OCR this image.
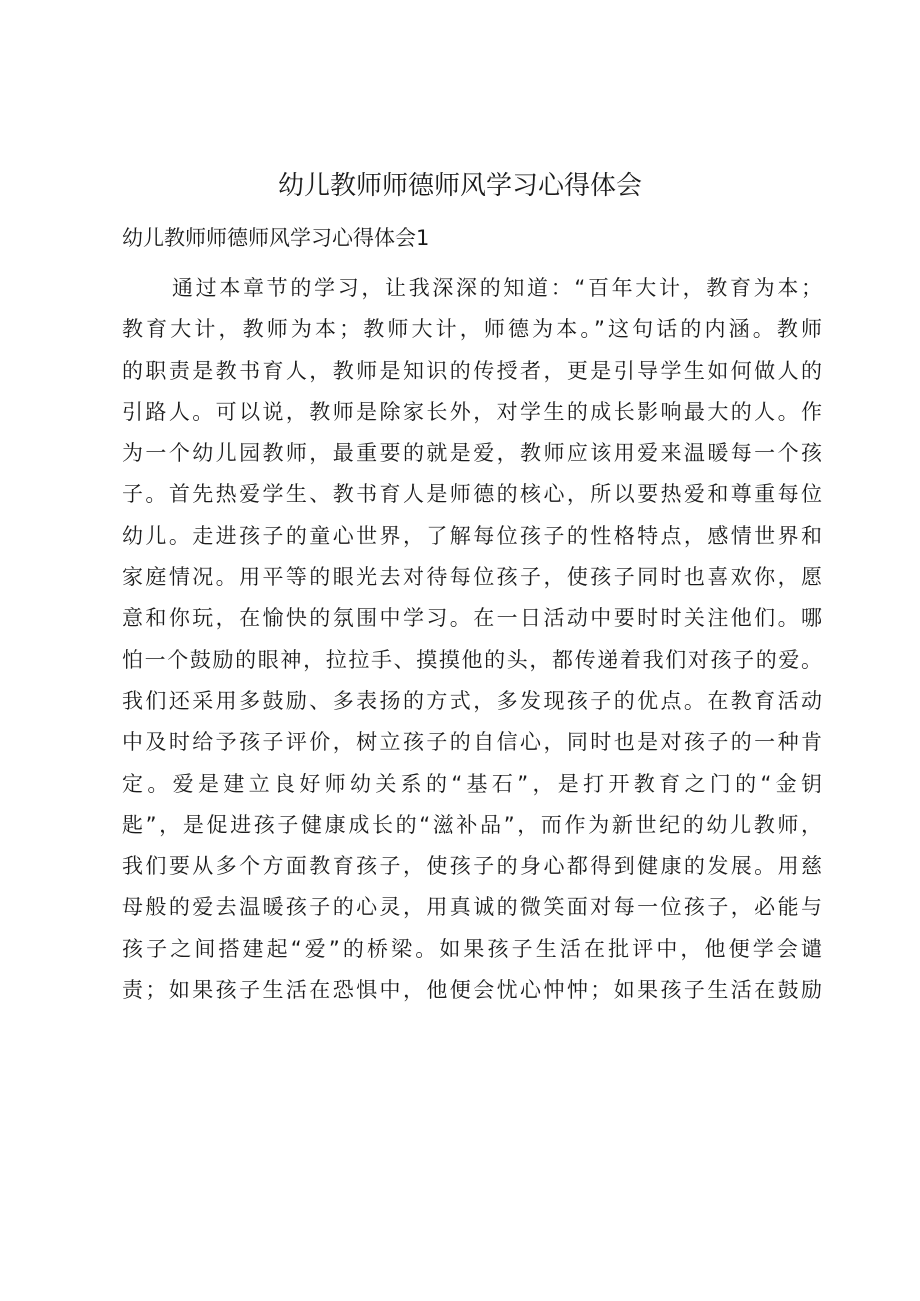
幼儿教师师德师风学习心得体会
幼儿教师师德师风学习心得体会1
通过本章节的学习，让我深深的知道：“百年大计，教育为本；
教育大计，教师为本；教师大计，师德为本。”这句话的内涵。教师
的职责是教书育人，教师是知识的传授者，更是引导学生如何做人的
引路人。可以说，教师是除家长外，对学生的成长影响最大的人。作
为一个幼儿园教师，最重要的就是爱，教师应该用爱来温暖每一个孩
子。首先热爱学生、教书育人是师德的核心，所以要热爱和尊重每位
幼儿。走进孩子的童心世界，了解每位孩子的性格特点，感情世界和
家庭情况。用平等的眼光去对待每位孩子，使孩子同时也喜欢你，愿
意和你玩，在愉快的氛围中学习。在一日活动中要时时关注他们。哪
怕一个鼓励的眼神，拉拉手、摸摸他的头，都传递着我们对孩子的爱。
我们还采用多鼓励、多表扬的方式，多发现孩子的优点。在教育活动
中及时给予孩子评价，树立孩子的自信心，同时也是对孩子的一种肯
定。爱是建立良好师幼关系的“基石”，是打开教育之门的“金钥
匙”，是促进孩子健康成长的“滋补品”，而作为新世纪的幼儿教师，
我们要从多个方面教育孩子，使孩子的身心都得到健康的发展。用慈
母般的爱去温暖孩子的心灵，用真诚的微笑面对每一位孩子，必能与
孩子之间搭建起“爱”的桥梁。如果孩子生活在批评中，他便学会谴
责；如果孩子生活在恐惧中，他便会忧心忡忡；如果孩子生活在鼓励
